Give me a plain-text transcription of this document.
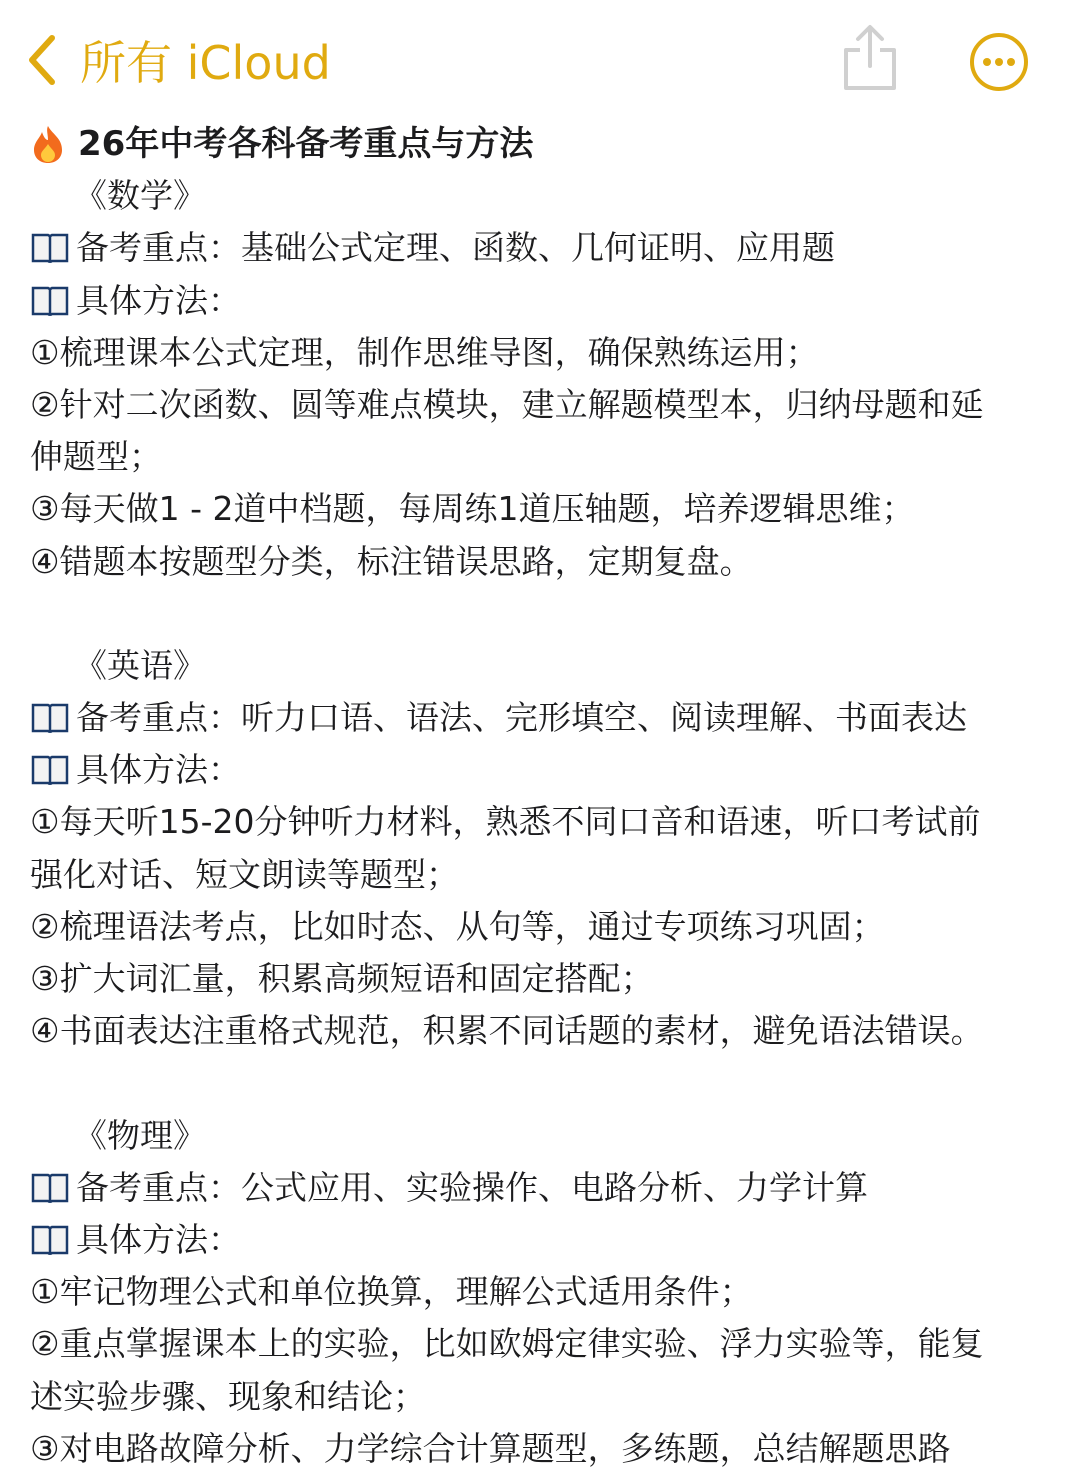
所有 iCloud
26年中考各科备考重点与方法
《数学》
备考重点：基础公式定理、函数、几何证明、应用题
具体方法：
①梳理课本公式定理，制作思维导图，确保熟练运用；
②针对二次函数、圆等难点模块，建立解题模型本，归纳母题和延
伸题型；
③每天做1 - 2道中档题，每周练1道压轴题，培养逻辑思维；
④错题本按题型分类，标注错误思路，定期复盘。
《英语》
备考重点：听力口语、语法、完形填空、阅读理解、书面表达
具体方法：
①每天听15-20分钟听力材料，熟悉不同口音和语速，听口考试前
强化对话、短文朗读等题型；
②梳理语法考点，比如时态、从句等，通过专项练习巩固；
③扩大词汇量，积累高频短语和固定搭配；
④书面表达注重格式规范，积累不同话题的素材，避免语法错误。
《物理》
备考重点：公式应用、实验操作、电路分析、力学计算
具体方法：
①牢记物理公式和单位换算，理解公式适用条件；
②重点掌握课本上的实验，比如欧姆定律实验、浮力实验等，能复
述实验步骤、现象和结论；
③对电路故障分析、力学综合计算题型，多练题，总结解题思路
